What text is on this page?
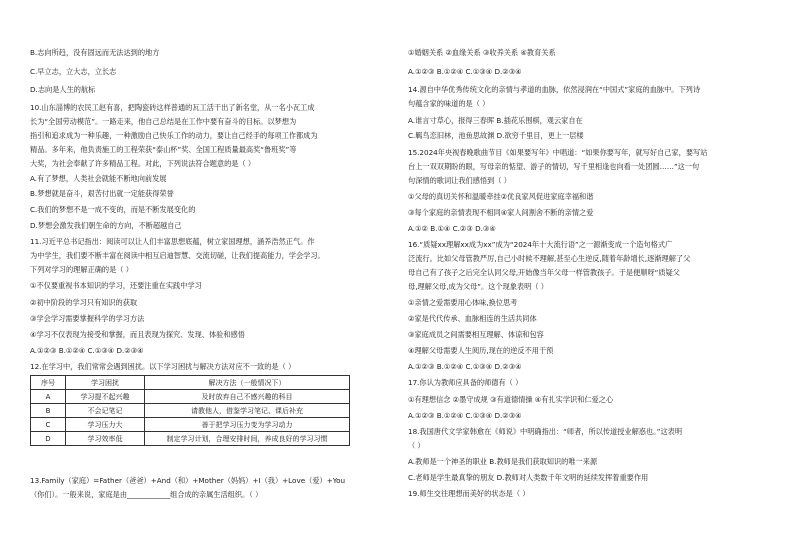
B.志向所趋，没有固远而无法达到的地方
C.早立志，立大志，立长志
D.志向是人生的航标
10.山东淄博的农民工赵有喜，把陶瓷砖这样普通的瓦工活干出了新名堂，从一名小瓦工成
长为“全国劳动模范”。一路走来，他自己总结是在工作中要有奋斗的目标。以梦想为
指引和追求成为一种乐趣，一种激励自己快乐工作的动力，要让自己经手的每项工作都成为
精品。多年来，他负责施工的工程荣获“泰山杯”奖、全国工程质量最高奖“鲁班奖”等
大奖，为社会奉献了许多精品工程。对此，下列说法符合题意的是（ ）
A.有了梦想，人类社会就能不断地向前发展
B.梦想就是奋斗，艰苦付出就一定能获得荣誉
C.我们的梦想不是一成不变的，而是不断发展变化的
D.梦想会激发我们朝生命的方向，不断超越自己
11.习近平总书记指出：阅读可以让人们丰富思想底蕴，树立家国理想，涵养浩然正气。作
为中学生，我们要不断丰富在阅读中相互启迪智慧、交流切磋，让我们提高能力，学会学习。
下列对学习的理解正确的是（ ）
①不仅要重视书本知识的学习，还要注重在实践中学习
②初中阶段的学习只有知识的获取
③学会学习需要掌握科学的学习方法
④学习不仅表现为接受和掌握，而且表现为探究、发现、体验和感悟
A.①②③ B.①②④ C.①③④ D.②③④
12.在学习中，我们常常会遇到困扰。以下学习困扰与解决方法对应不一致的是（ ）
序号	学习困扰	解决方法（一般情况下）
A	学习提不起兴趣	及时放弃自己不感兴趣的科目
B	不会记笔记	请教他人，借鉴学习笔记、课后补充
C	学习压力大	善于把学习压力变为学习动力
D	学习效率低	制定学习计划，合理安排时间，养成良好的学习习惯
13.Family（家庭）=Father（爸爸）+And（和）+Mother（妈妈）+I（我）+Love（爱）+You
（你们）。一般来说，家庭是由____________组合成的亲属生活组织。（ ）
①婚姻关系 ②血缘关系 ③收养关系 ④教育关系
A.①②③ B.①②④ C.①③④ D.②③④
14.源自中华优秀传统文化的亲情与孝道的血脉，依然浸润在“中国式”家庭的血脉中。下列诗
句蕴含家的味道的是（ ）
A.谁言寸草心，报得三春晖 B.插花乐围棋，观云家自在
C.羁鸟恋旧林，池鱼思故渊 D.欲穷千里目，更上一层楼
15.2024年央视春晚歌曲节目《如果要写年》中唱道：“如果你要写年，就写好自己家，要写站
台上一双双期盼的眼，写母亲的惦望、游子的情切，写千里相逢也向看一处团圆……”这一句
句深情的歌词让我们感悟到（ ）
①父母的真切关怀和温暖牵挂②优良家风促进家庭幸福和谐
③每个家庭的亲情表现不相同④家人间割舍不断的亲情之爱
A.①② B.①④ C.②③ D.③④
16.“质疑xx理解xx成为xx”成为“2024年十大流行语”之一源渐变成一个造句格式广
泛流行。比如父母管教严厉,自己小时候不理解,甚至心生逆反,随着年龄增长,逐渐理解了父
母自己有了孩子之后完全认同父母,开始像当年父母一样管教孩子。于是便顺呀“质疑父
母,理解父母,成为父母”。这个现象表明（ ）
①亲情之爱需要用心体味,换位思考
②家是代代传承、血脉相连的生活共同体
③家庭成员之间需要相互理解、体谅和包容
④理解父母需要人生阅历,现在的逆反不用干预
A.①②③ B.①②④ C.①③④ D.②③④
17.你认为教师应具备的师德有（ ）
①有理想信念 ②墨守成规 ③有道德情操 ④有扎实学识和仁爱之心
A.①②③ B.①②④ C.①③④ D.②③④
18.我国唐代文学家韩愈在《师说》中明确指出：“师者，所以传道授业解惑也。”这表明
（ ）
A.教师是一个神圣的职业 B.教师是我们获取知识的唯一来源
C.老师是学生最真挚的朋友 D.教师对人类数千年文明的延续发挥着重要作用
19.师生交往理想而美好的状态是（ ）
